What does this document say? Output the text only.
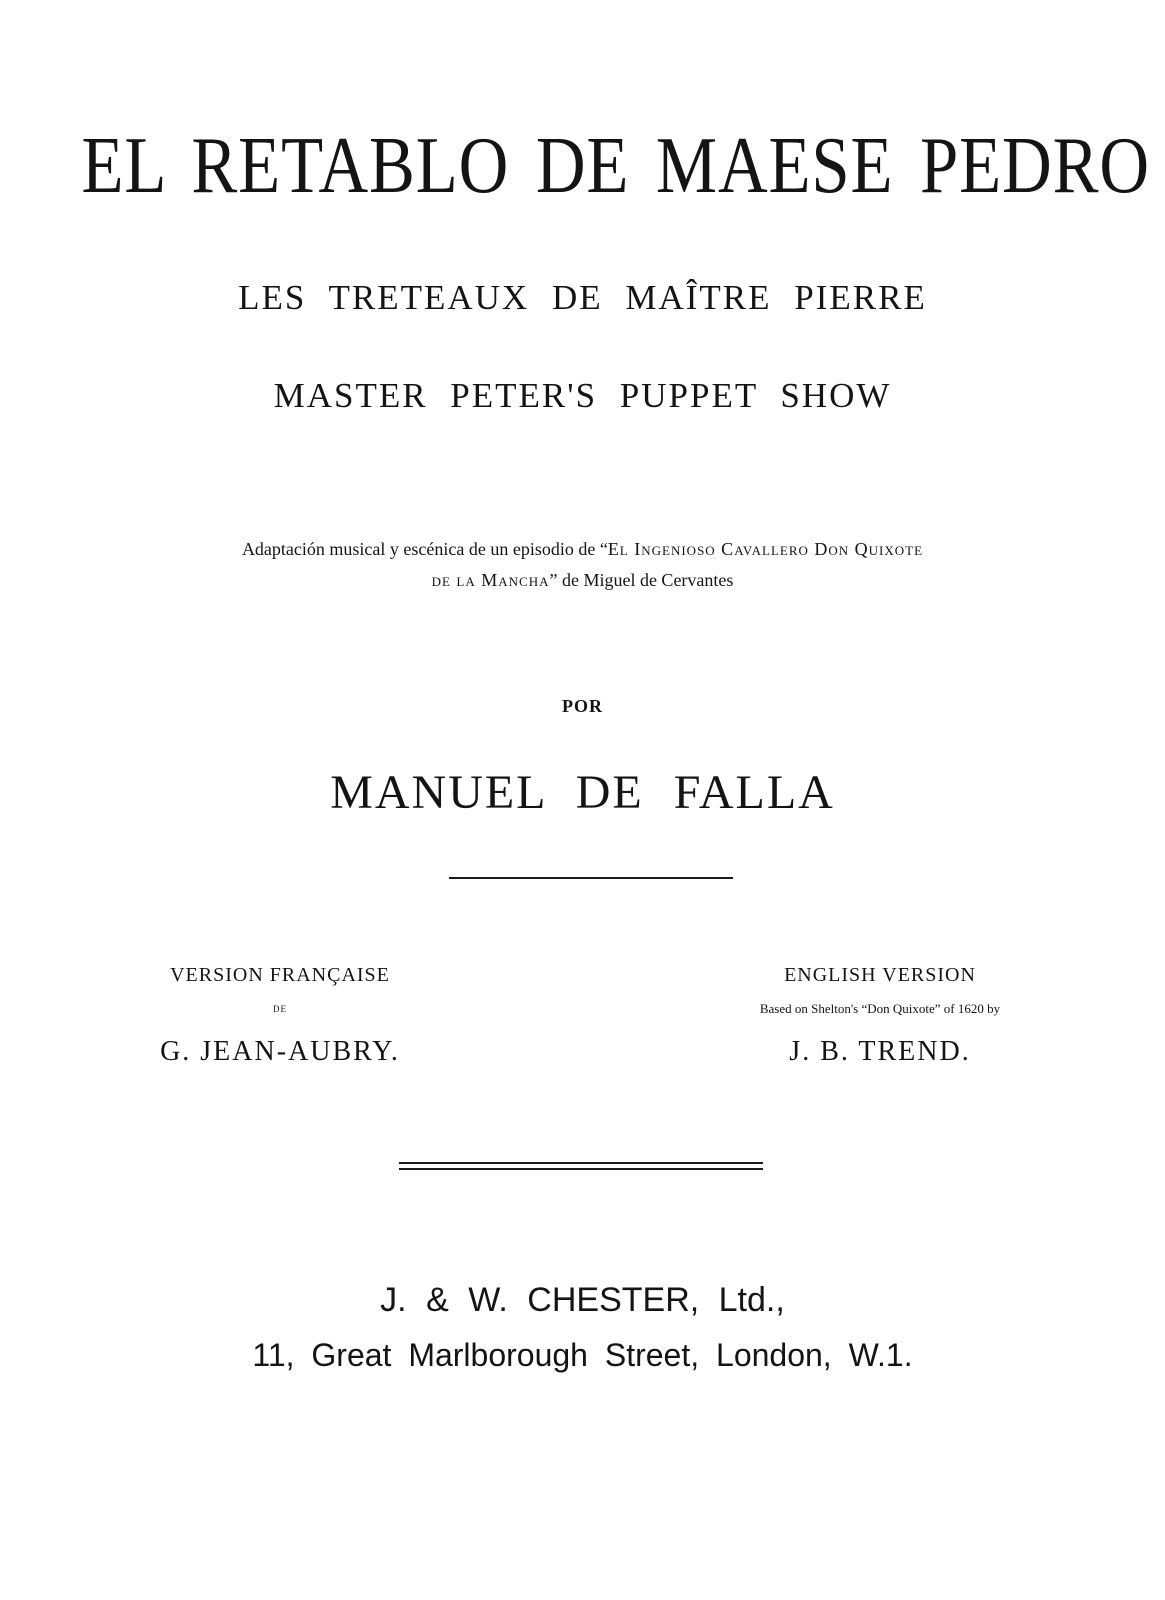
EL RETABLO DE MAESE PEDRO
LES TRETEAUX DE MAÎTRE PIERRE
MASTER PETER'S PUPPET SHOW
Adaptación musical y escénica de un episodio de “El Ingenioso Cavallero Don Quixote
de la Mancha” de Miguel de Cervantes
POR
MANUEL DE FALLA
VERSION FRANÇAISE
DE
G. JEAN-AUBRY.
ENGLISH VERSION
Based on Shelton's “Don Quixote” of 1620 by
J. B. TREND.
J. & W. CHESTER, Ltd.,
11, Great Marlborough Street, London, W.1.
